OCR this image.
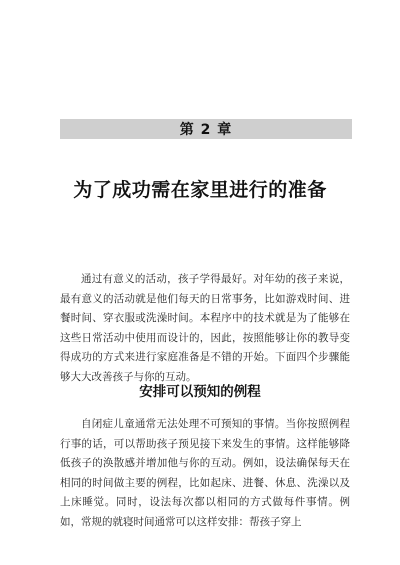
第 2 章
为了成功需在家里进行的准备

通过有意义的活动，孩子学得最好。对年幼的孩子来说，最有意义的活动就是他们每天的日常事务，比如游戏时间、进餐时间、穿衣服或洗澡时间。本程序中的技术就是为了能够在这些日常活动中使用而设计的，因此，按照能够让你的教导变得成功的方式来进行家庭准备是不错的开始。下面四个步骤能够大大改善孩子与你的互动。

安排可以预知的例程

自闭症儿童通常无法处理不可预知的事情。当你按照例程行事的话，可以帮助孩子预见接下来发生的事情。这样能够降低孩子的涣散感并增加他与你的互动。例如，设法确保每天在相同的时间做主要的例程，比如起床、进餐、休息、洗澡以及上床睡觉。同时，设法每次都以相同的方式做每件事情。例如，常规的就寝时间通常可以这样安排：帮孩子穿上
